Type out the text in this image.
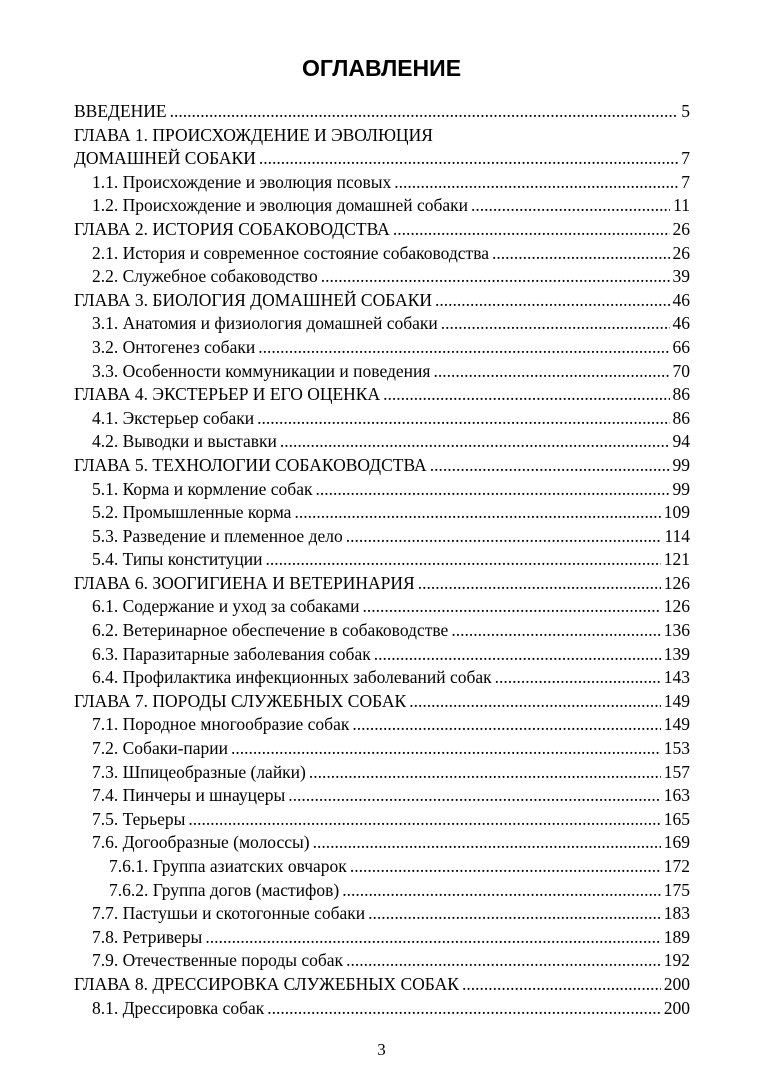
ОГЛАВЛЕНИЕ
ВВЕДЕНИЕ .....	5
ГЛАВА 1. ПРОИСХОЖДЕНИЕ И ЭВОЛЮЦИЯ
ДОМАШНЕЙ СОБАКИ .....	7
1.1. Происхождение и эволюция псовых .....	7
1.2. Происхождение и эволюция домашней собаки .....	11
ГЛАВА 2. ИСТОРИЯ СОБАКОВОДСТВА .....	26
2.1. История и современное состояние собаководства .....	26
2.2. Служебное собаководство .....	39
ГЛАВА 3. БИОЛОГИЯ ДОМАШНЕЙ СОБАКИ .....	46
3.1. Анатомия и физиология домашней собаки .....	46
3.2. Онтогенез собаки .....	66
3.3. Особенности коммуникации и поведения .....	70
ГЛАВА 4. ЭКСТЕРЬЕР И ЕГО ОЦЕНКА .....	86
4.1. Экстерьер собаки .....	86
4.2. Выводки и выставки .....	94
ГЛАВА 5. ТЕХНОЛОГИИ СОБАКОВОДСТВА .....	99
5.1. Корма и кормление собак .....	99
5.2. Промышленные корма .....	109
5.3. Разведение и племенное дело .....	114
5.4. Типы конституции .....	121
ГЛАВА 6. ЗООГИГИЕНА И ВЕТЕРИНАРИЯ .....	126
6.1. Содержание и уход за собаками .....	126
6.2. Ветеринарное обеспечение в собаководстве .....	136
6.3. Паразитарные заболевания собак .....	139
6.4. Профилактика инфекционных заболеваний собак .....	143
ГЛАВА 7. ПОРОДЫ СЛУЖЕБНЫХ СОБАК .....	149
7.1. Породное многообразие собак .....	149
7.2. Собаки-парии .....	153
7.3. Шпицеобразные (лайки) .....	157
7.4. Пинчеры и шнауцеры .....	163
7.5. Терьеры .....	165
7.6. Догообразные (молоссы) .....	169
7.6.1. Группа азиатских овчарок .....	172
7.6.2. Группа догов (мастифов) .....	175
7.7. Пастушьи и скотогонные собаки .....	183
7.8. Ретриверы .....	189
7.9. Отечественные породы собак .....	192
ГЛАВА 8. ДРЕССИРОВКА СЛУЖЕБНЫХ СОБАК .....	200
8.1. Дрессировка собак .....	200
3
